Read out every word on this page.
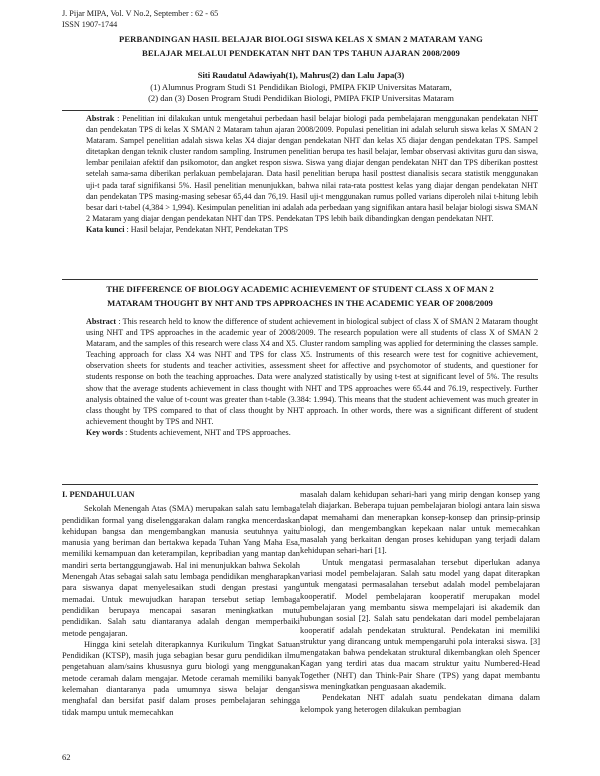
J. Pijar MIPA, Vol. V No.2, September : 62 - 65
ISSN 1907-1744
PERBANDINGAN HASIL BELAJAR BIOLOGI SISWA KELAS X SMAN 2 MATARAM YANG
BELAJAR MELALUI PENDEKATAN NHT DAN TPS TAHUN AJARAN 2008/2009
Siti Raudatul Adawiyah(1), Mahrus(2) dan Lalu Japa(3)
(1) Alumnus Program Studi S1 Pendidikan Biologi, PMIPA FKIP Universitas Mataram,
(2) dan (3) Dosen Program Studi Pendidikan Biologi, PMIPA FKIP Universitas Mataram
Abstrak : Penelitian ini dilakukan untuk mengetahui perbedaan hasil belajar biologi pada pembelajaran menggunakan pendekatan NHT dan pendekatan TPS di kelas X SMAN 2 Mataram tahun ajaran 2008/2009. Populasi penelitian ini adalah seluruh siswa kelas X SMAN 2 Mataram. Sampel penelitian adalah siswa kelas X4 diajar dengan pendekatan NHT dan kelas X5 diajar dengan pendekatan TPS. Sampel ditetapkan dengan teknik cluster random sampling. Instrumen penelitian berupa tes hasil belajar, lembar observasi aktivitas guru dan siswa, lembar penilaian afektif dan psikomotor, dan angket respon siswa. Siswa yang diajar dengan pendekatan NHT dan TPS diberikan posttest setelah sama-sama diberikan perlakuan pembelajaran. Data hasil penelitian berupa hasil posttest dianalisis secara statistik menggunakan uji-t pada taraf signifikansi 5%. Hasil penelitian menunjukkan, bahwa nilai rata-rata posttest kelas yang diajar dengan pendekatan NHT dan pendekatan TPS masing-masing sebesar 65,44 dan 76,19. Hasil uji-t menggunakan rumus polled varians diperoleh nilai t-hitung lebih besar dari t-tabel (4,384 > 1,994). Kesimpulan penelitian ini adalah ada perbedaan yang signifikan antara hasil belajar biologi siswa SMAN 2 Mataram yang diajar dengan pendekatan NHT dan TPS. Pendekatan TPS lebih baik dibandingkan dengan pendekatan NHT.
Kata kunci : Hasil belajar, Pendekatan NHT, Pendekatan TPS
THE DIFFERENCE OF BIOLOGY ACADEMIC ACHIEVEMENT OF STUDENT CLASS X OF MAN 2
MATARAM THOUGHT BY NHT AND TPS APPROACHES IN THE ACADEMIC YEAR OF 2008/2009
Abstract : This research held to know the difference of student achievement in biological subject of class X of SMAN 2 Mataram thought using NHT and TPS approaches in the academic year of 2008/2009. The research population were all students of class X of SMAN 2 Mataram, and the samples of this research were class X4 and X5. Cluster random sampling was applied for determining the classes sample. Teaching approach for class X4 was NHT and TPS for class X5. Instruments of this research were test for cognitive achievement, observation sheets for students and teacher activities, assessment sheet for affective and psychomotor of students, and questioner for students response on both the teaching approaches. Data were analyzed statistically by using t-test at significant level of 5%. The results show that the average students achievement in class thought with NHT and TPS approaches were 65.44 and 76.19, respectively. Further analysis obtained the value of t-count was greater than t-table (3.384: 1.994). This means that the student achievement was much greater in class thought by TPS compared to that of class thought by NHT approach. In other words, there was a significant different of student achievement thought by TPS and NHT.
Key words : Students achievement, NHT and TPS approaches.
I. PENDAHULUAN

Sekolah Menengah Atas (SMA) merupakan salah satu lembaga pendidikan formal yang diselenggarakan dalam rangka mencerdaskan kehidupan bangsa dan mengembangkan manusia seutuhnya yaitu manusia yang beriman dan bertakwa kepada Tuhan Yang Maha Esa, memiliki kemampuan dan keterampilan, kepribadian yang mantap dan mandiri serta bertanggungjawab. Hal ini menunjukkan bahwa Sekolah Menengah Atas sebagai salah satu lembaga pendidikan mengharapkan para siswanya dapat menyelesaikan studi dengan prestasi yang memadai. Untuk mewujudkan harapan tersebut setiap lembaga pendidikan berupaya mencapai sasaran meningkatkan mutu pendidikan. Salah satu diantaranya adalah dengan memperbaiki metode pengajaran.

Hingga kini setelah diterapkannya Kurikulum Tingkat Satuan Pendidikan (KTSP), masih juga sebagian besar guru pendidikan ilmu pengetahuan alam/sains khususnya guru biologi yang menggunakan metode ceramah dalam mengajar. Metode ceramah memiliki banyak kelemahan diantaranya pada umumnya siswa belajar dengan menghafal dan bersifat pasif dalam proses pembelajaran sehingga tidak mampu untuk memecahkan

masalah dalam kehidupan sehari-hari yang mirip dengan konsep yang telah diajarkan. Beberapa tujuan pembelajaran biologi antara lain siswa dapat memahami dan menerapkan konsep-konsep dan prinsip-prinsip biologi, dan mengembangkan kepekaan nalar untuk memecahkan masalah yang berkaitan dengan proses kehidupan yang terjadi dalam kehidupan sehari-hari [1].

Untuk mengatasi permasalahan tersebut diperlukan adanya variasi model pembelajaran. Salah satu model yang dapat diterapkan untuk mengatasi permasalahan tersebut adalah model pembelajaran kooperatif. Model pembelajaran kooperatif merupakan model pembelajaran yang membantu siswa mempelajari isi akademik dan hubungan sosial [2]. Salah satu pendekatan dari model pembelajaran kooperatif adalah pendekatan struktural. Pendekatan ini memiliki struktur yang dirancang untuk mempengaruhi pola interaksi siswa. [3] mengatakan bahwa pendekatan struktural dikembangkan oleh Spencer Kagan yang terdiri atas dua macam struktur yaitu Numbered-Head Together (NHT) dan Think-Pair Share (TPS) yang dapat membantu siswa meningkatkan penguasaan akademik.

Pendekatan NHT adalah suatu pendekatan dimana dalam kelompok yang heterogen dilakukan pembagian

62
